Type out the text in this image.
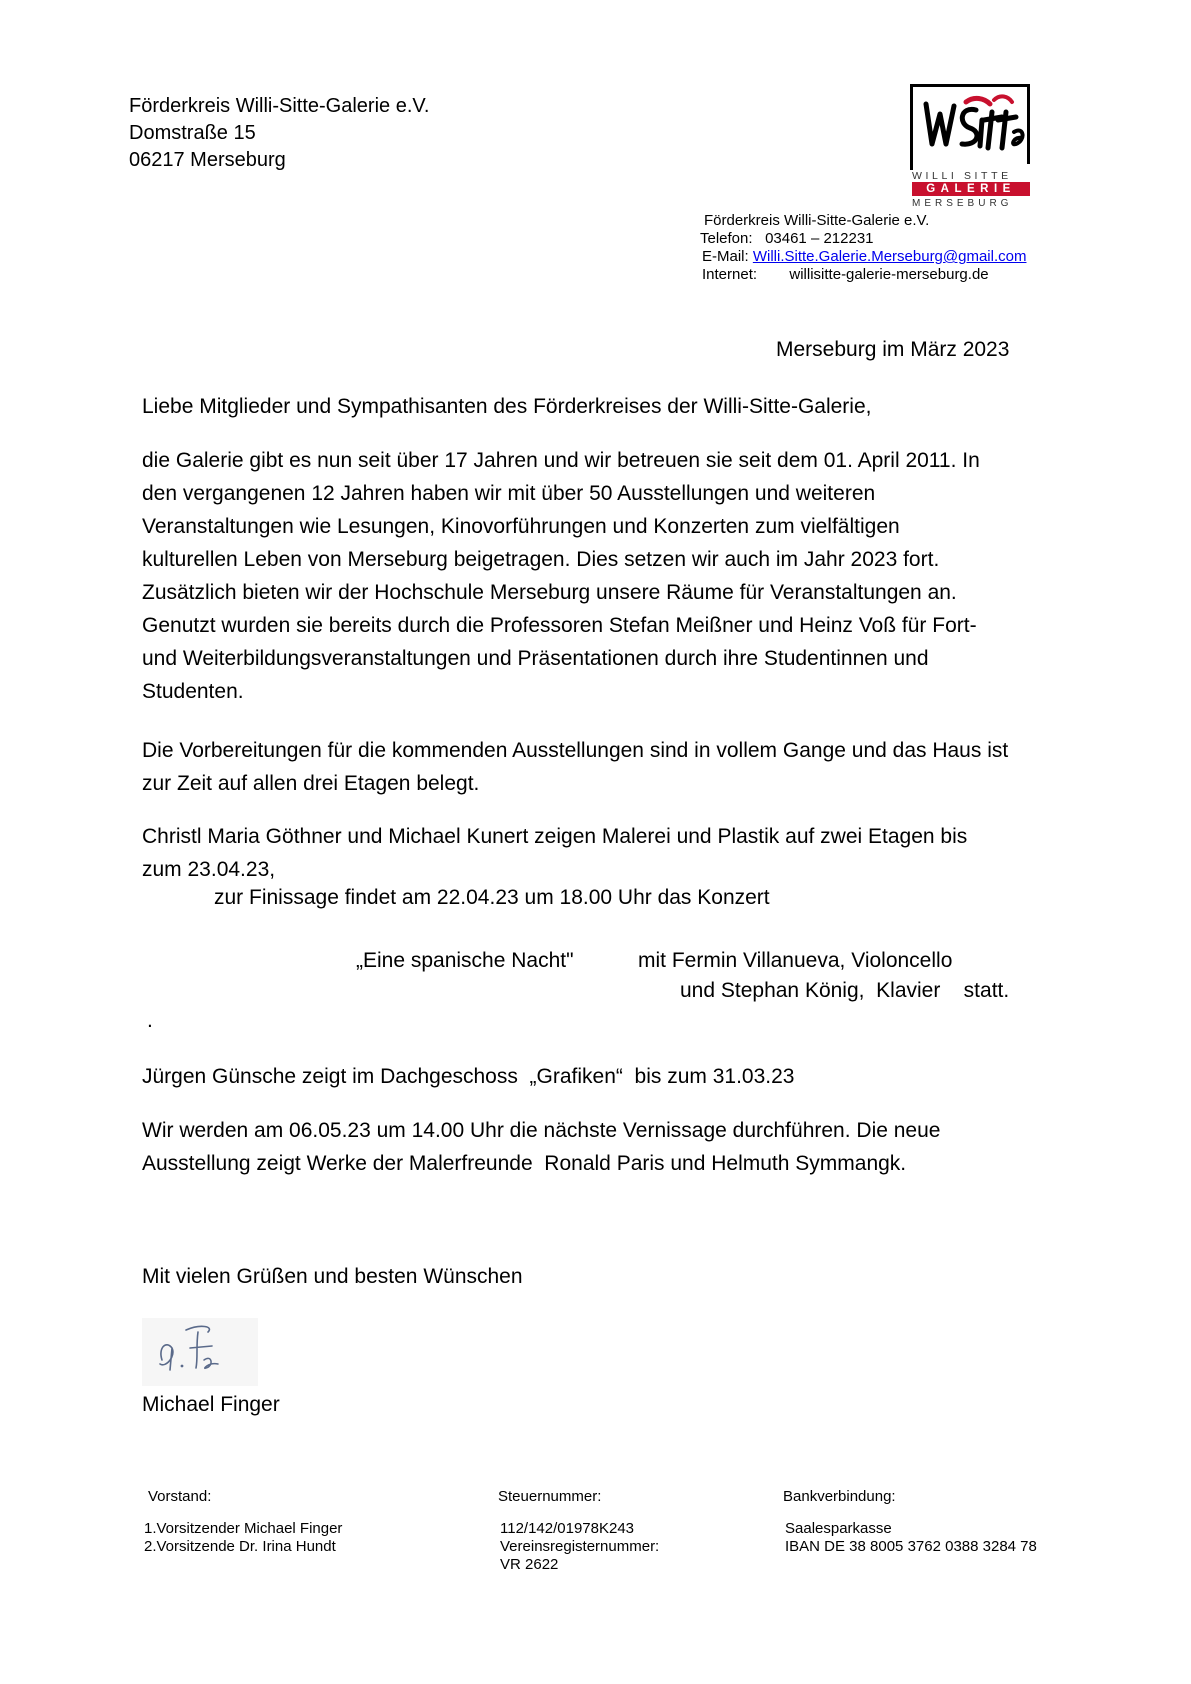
Förderkreis Willi-Sitte-Galerie e.V.
Domstraße 15
06217 Merseburg
WILLI SITTE
GALERIE
MERSEBURG
Förderkreis Willi-Sitte-Galerie e.V.
Telefon: 03461 – 212231
E-Mail: Willi.Sitte.Galerie.Merseburg@gmail.com
Internet: willisitte-galerie-merseburg.de
Merseburg im März 2023
Liebe Mitglieder und Sympathisanten des Förderkreises der Willi-Sitte-Galerie,
die Galerie gibt es nun seit über 17 Jahren und wir betreuen sie seit dem 01. April 2011. In
den vergangenen 12 Jahren haben wir mit über 50 Ausstellungen und weiteren
Veranstaltungen wie Lesungen, Kinovorführungen und Konzerten zum vielfältigen
kulturellen Leben von Merseburg beigetragen. Dies setzen wir auch im Jahr 2023 fort.
Zusätzlich bieten wir der Hochschule Merseburg unsere Räume für Veranstaltungen an.
Genutzt wurden sie bereits durch die Professoren Stefan Meißner und Heinz Voß für Fort-
und Weiterbildungsveranstaltungen und Präsentationen durch ihre Studentinnen und
Studenten.
Die Vorbereitungen für die kommenden Ausstellungen sind in vollem Gange und das Haus ist
zur Zeit auf allen drei Etagen belegt.
Christl Maria Göthner und Michael Kunert zeigen Malerei und Plastik auf zwei Etagen bis
zum 23.04.23,
zur Finissage findet am 22.04.23 um 18.00 Uhr das Konzert
„Eine spanische Nacht"	mit Fermin Villanueva, Violoncello
und Stephan König,  Klavier    statt.
.
Jürgen Günsche zeigt im Dachgeschoss  „Grafiken“  bis zum 31.03.23
Wir werden am 06.05.23 um 14.00 Uhr die nächste Vernissage durchführen. Die neue
Ausstellung zeigt Werke der Malerfreunde  Ronald Paris und Helmuth Symmangk.
Mit vielen Grüßen und besten Wünschen
Michael Finger
Vorstand:
1.Vorsitzender Michael Finger
2.Vorsitzende Dr. Irina Hundt
Steuernummer:
112/142/01978K243
Vereinsregisternummer:
VR 2622
Bankverbindung:
Saalesparkasse
IBAN DE 38 8005 3762 0388 3284 78
